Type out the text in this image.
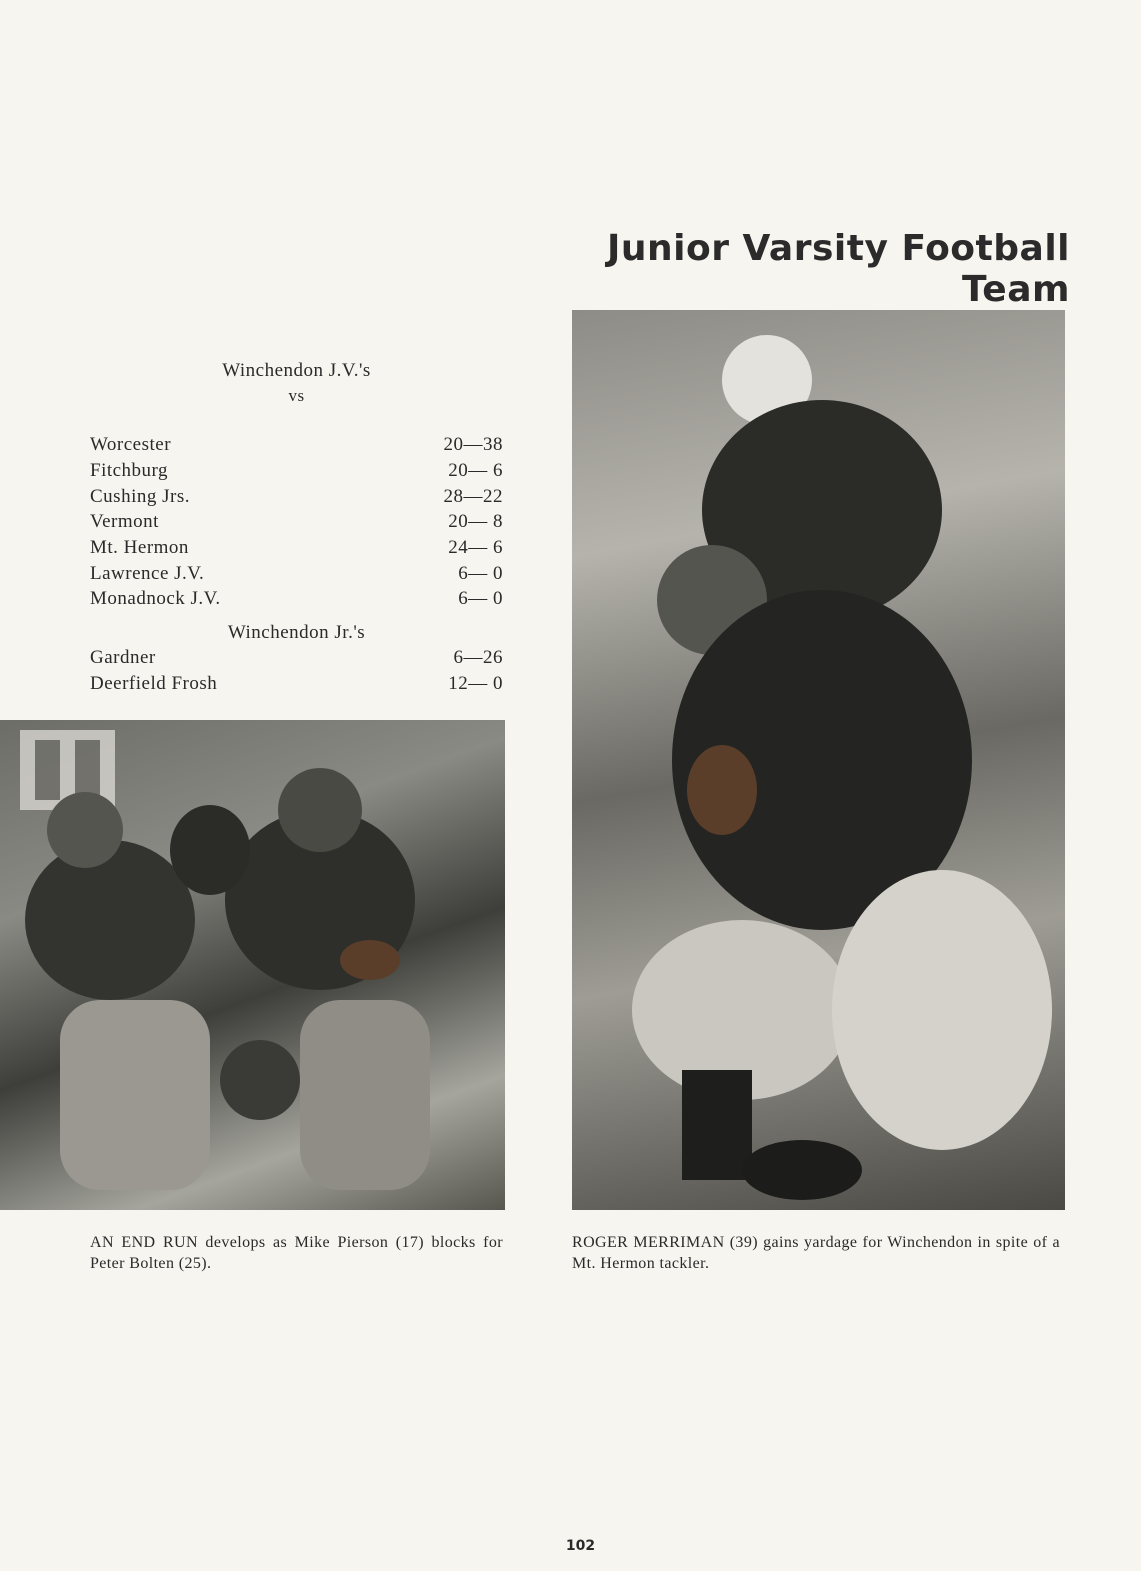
Junior Varsity Football Team
Winchendon J.V.'s
vs
Worcester	20—38
Fitchburg	20— 6
Cushing Jrs.	28—22
Vermont	20— 8
Mt. Hermon	24— 6
Lawrence J.V.	6— 0
Monadnock J.V.	6— 0
Winchendon Jr.'s
Gardner	6—26
Deerfield Frosh	12— 0
AN END RUN develops as Mike Pierson (17) blocks for Peter Bolten (25).
ROGER MERRIMAN (39) gains yardage for Winchendon in spite of a Mt. Hermon tackler.
102
